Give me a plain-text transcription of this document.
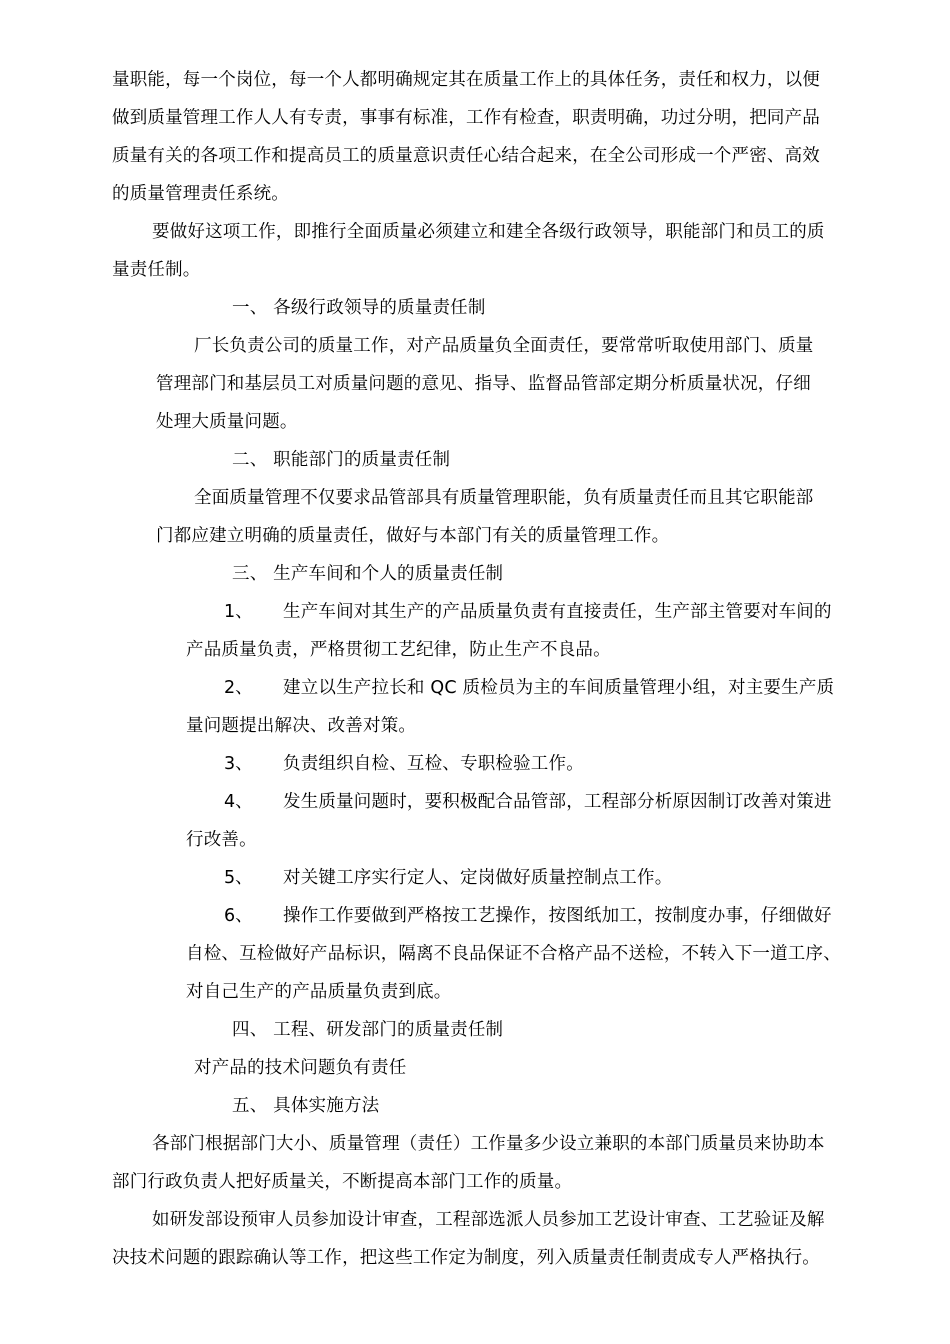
量职能，每一个岗位，每一个人都明确规定其在质量工作上的具体任务，责任和权力，以便
做到质量管理工作人人有专责，事事有标准，工作有检查，职责明确，功过分明，把同产品
质量有关的各项工作和提高员工的质量意识责任心结合起来，在全公司形成一个严密、高效
的质量管理责任系统。
要做好这项工作，即推行全面质量必须建立和建全各级行政领导，职能部门和员工的质
量责任制。
一、 各级行政领导的质量责任制
厂长负责公司的质量工作，对产品质量负全面责任，要常常听取使用部门、质量
管理部门和基层员工对质量问题的意见、指导、监督品管部定期分析质量状况，仔细
处理大质量问题。
二、 职能部门的质量责任制
全面质量管理不仅要求品管部具有质量管理职能，负有质量责任而且其它职能部
门都应建立明确的质量责任，做好与本部门有关的质量管理工作。
三、 生产车间和个人的质量责任制
1、 生产车间对其生产的产品质量负责有直接责任，生产部主管要对车间的
产品质量负责，严格贯彻工艺纪律，防止生产不良品。
2、 建立以生产拉长和 QC 质检员为主的车间质量管理小组，对主要生产质
量问题提出解决、改善对策。
3、 负责组织自检、互检、专职检验工作。
4、 发生质量问题时，要积极配合品管部，工程部分析原因制订改善对策进
行改善。
5、 对关键工序实行定人、定岗做好质量控制点工作。
6、 操作工作要做到严格按工艺操作，按图纸加工，按制度办事，仔细做好
自检、互检做好产品标识，隔离不良品保证不合格产品不送检，不转入下一道工序、
对自己生产的产品质量负责到底。
四、 工程、研发部门的质量责任制
对产品的技术问题负有责任
五、 具体实施方法
各部门根据部门大小、质量管理（责任）工作量多少设立兼职的本部门质量员来协助本
部门行政负责人把好质量关，不断提高本部门工作的质量。
如研发部设预审人员参加设计审查，工程部选派人员参加工艺设计审查、工艺验证及解
决技术问题的跟踪确认等工作，把这些工作定为制度，列入质量责任制责成专人严格执行。
